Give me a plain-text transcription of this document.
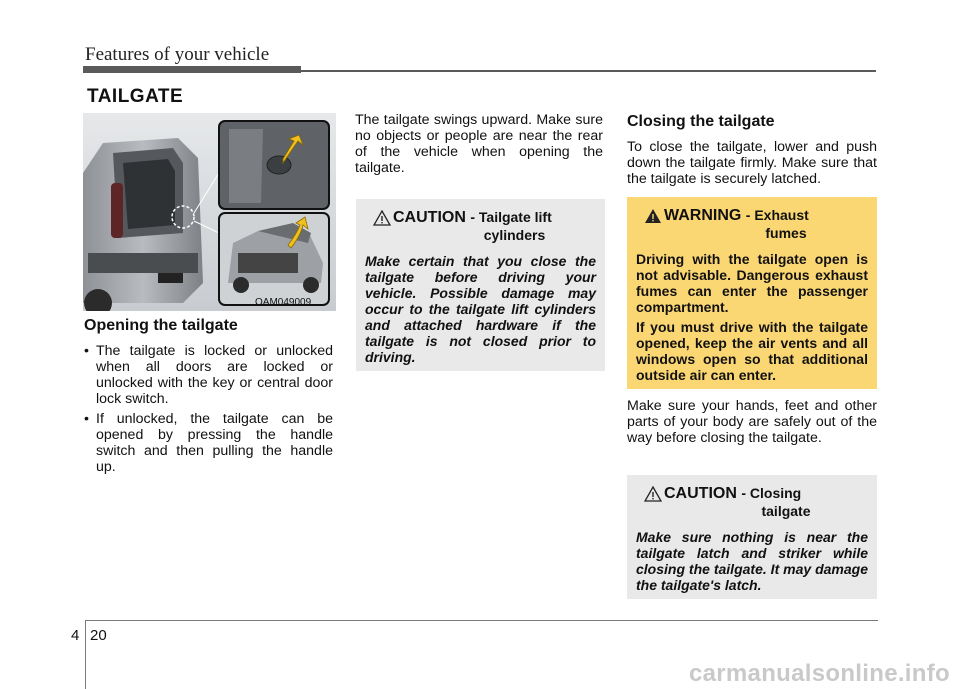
Features of your vehicle
TAILGATE
OAM049009
Opening the tailgate
• The tailgate is locked or unlocked when all doors are locked or unlocked with the key or central door lock switch.
• If unlocked, the tailgate can be opened by pressing the handle switch and then pulling the handle up.

The tailgate swings upward. Make sure no objects or people are near the rear of the vehicle when opening the tailgate.

CAUTION - Tailgate lift
cylinders
Make certain that you close the tailgate before driving your vehicle. Possible damage may occur to the tailgate lift cylinders and attached hardware if the tailgate is not closed prior to driving.
Closing the tailgate

To close the tailgate, lower and push down the tailgate firmly. Make sure that the tailgate is securely latched.

WARNING - Exhaust
fumes

Driving with the tailgate open is not advisable. Dangerous exhaust fumes can enter the passenger compartment.

If you must drive with the tailgate opened, keep the air vents and all windows open so that additional outside air can enter.

Make sure your hands, feet and other parts of your body are safely out of the way before closing the tailgate.

CAUTION - Closing
tailgate
Make sure nothing is near the tailgate latch and striker while closing the tailgate. It may damage the tailgate's latch.
4 20
carmanualsonline.info
